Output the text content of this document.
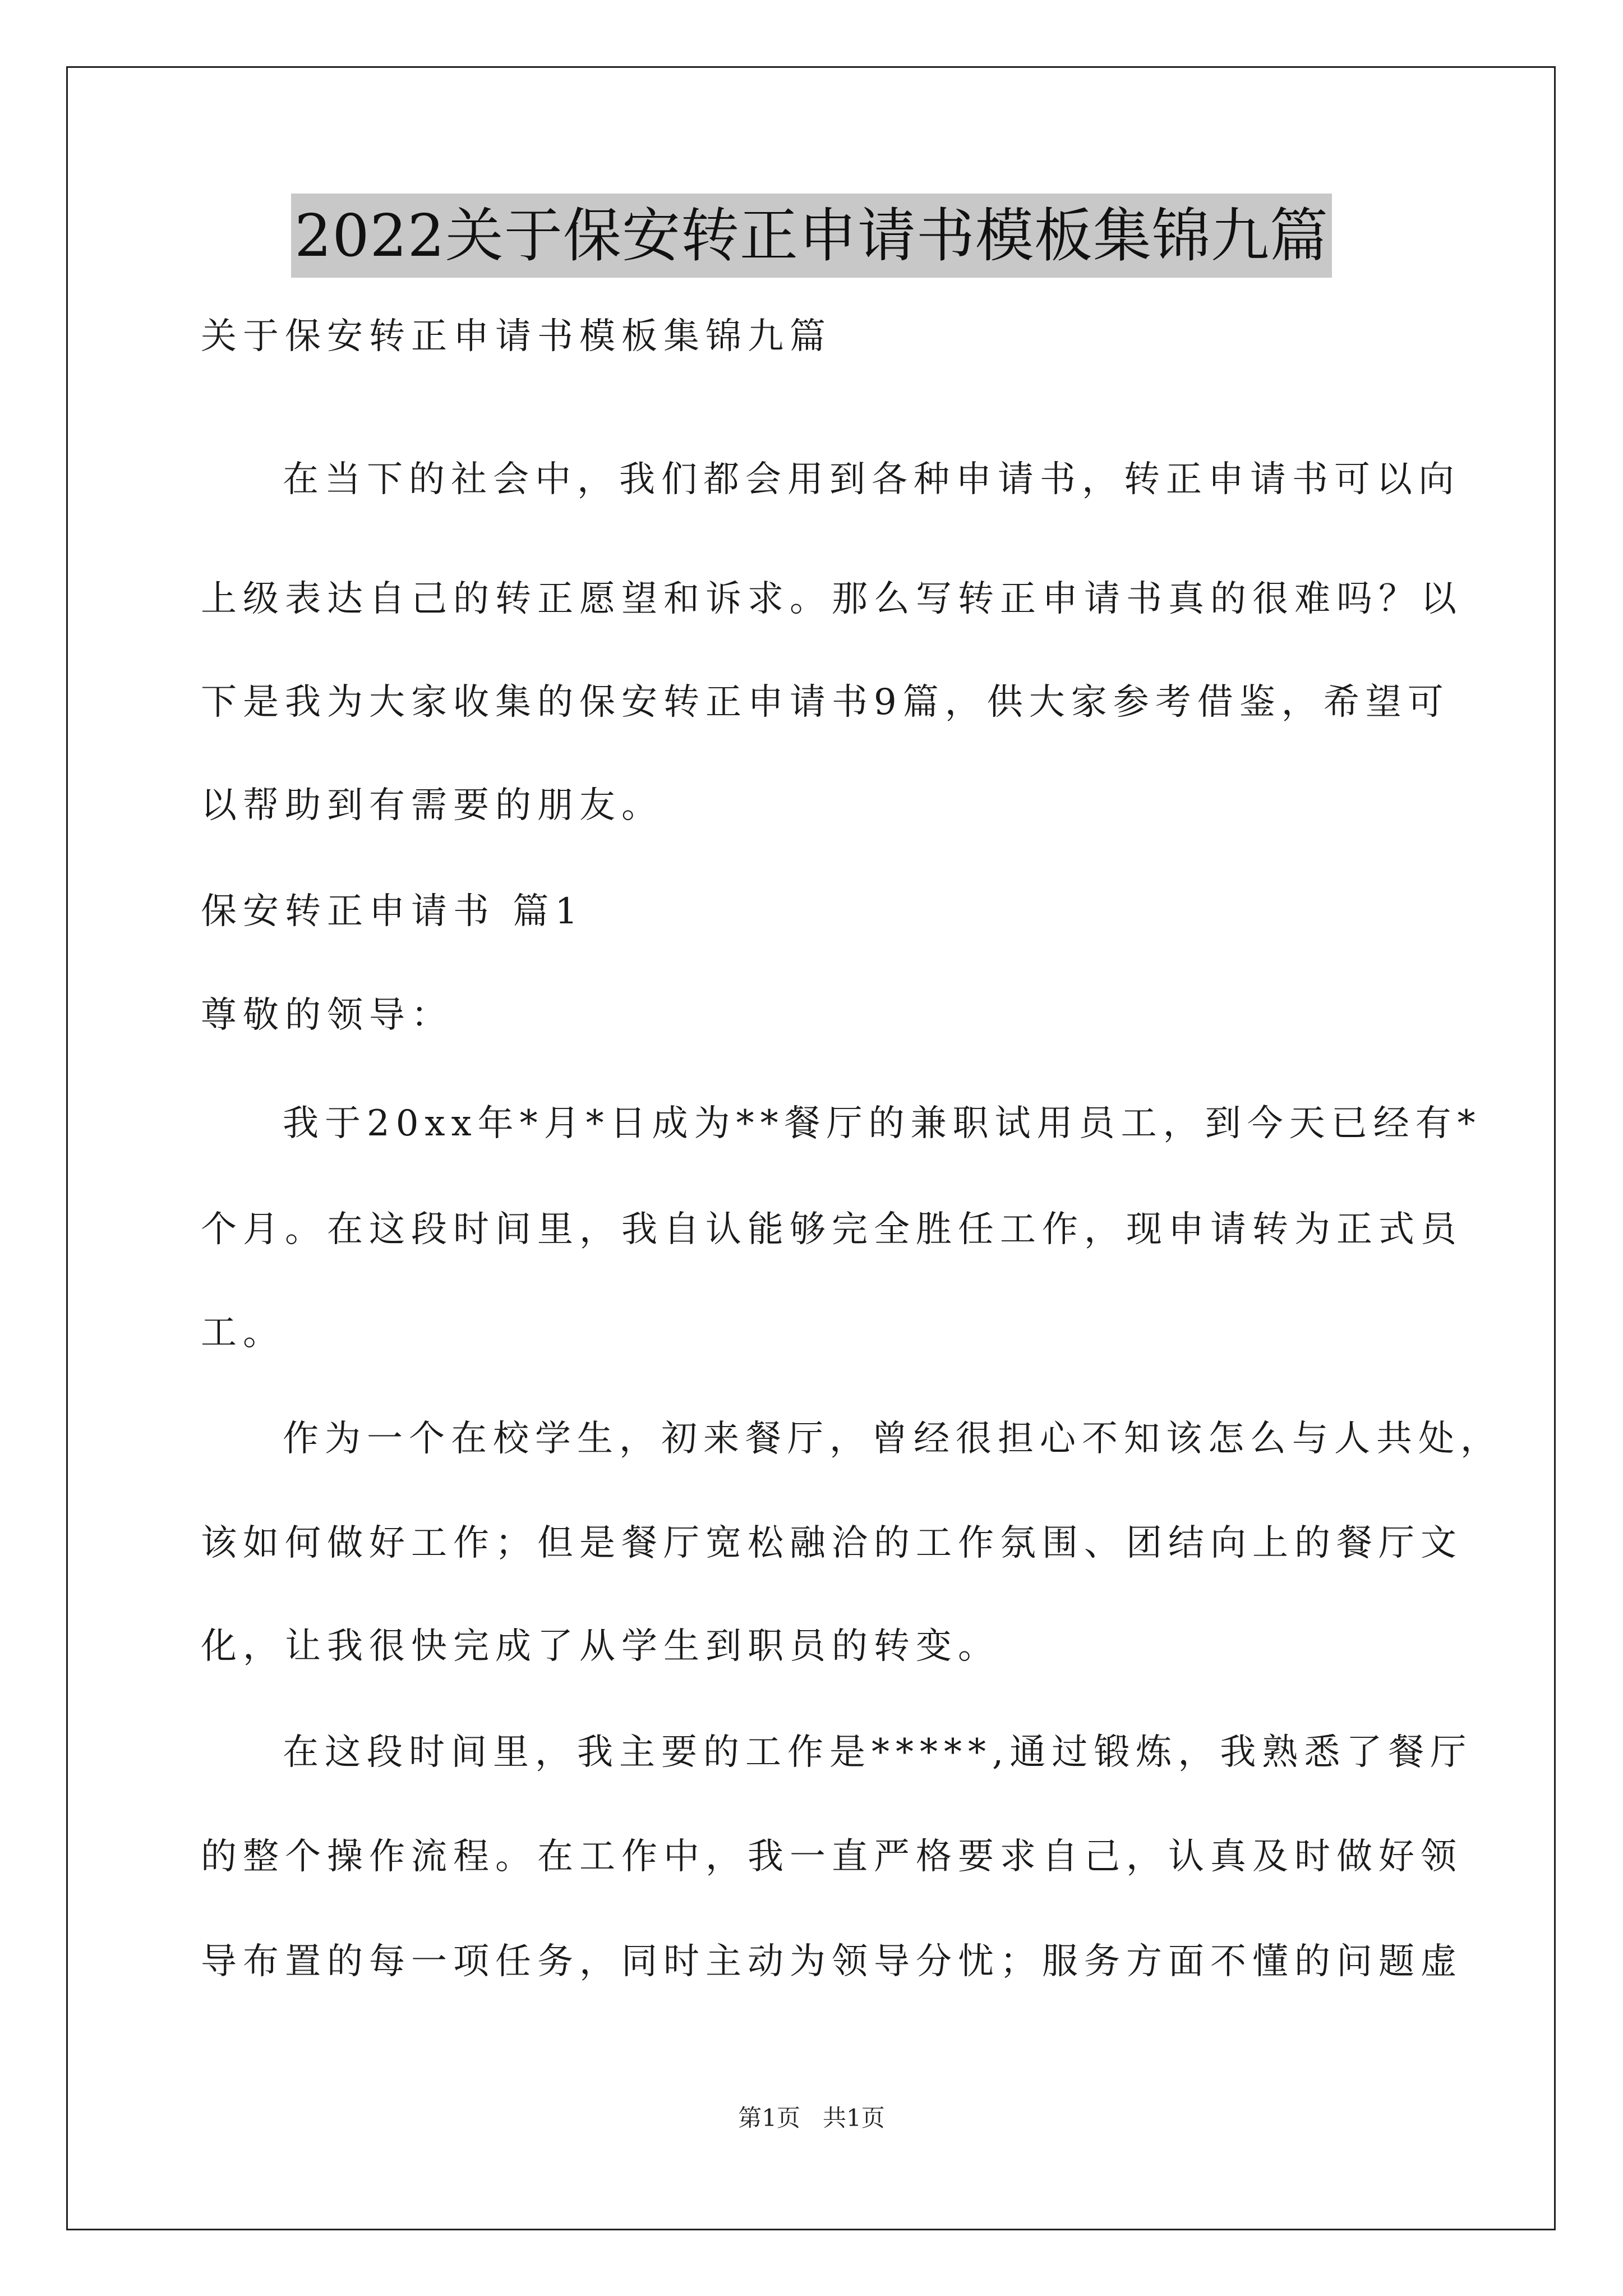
2022关于保安转正申请书模板集锦九篇
关于保安转正申请书模板集锦九篇
在当下的社会中，我们都会用到各种申请书，转正申请书可以向
上级表达自己的转正愿望和诉求。那么写转正申请书真的很难吗？以
下是我为大家收集的保安转正申请书9篇，供大家参考借鉴，希望可
以帮助到有需要的朋友。
保安转正申请书 篇1
尊敬的领导：
我于20xx年*月*日成为**餐厅的兼职试用员工，到今天已经有*
个月。在这段时间里，我自认能够完全胜任工作，现申请转为正式员
工。
作为一个在校学生，初来餐厅，曾经很担心不知该怎么与人共处，
该如何做好工作；但是餐厅宽松融洽的工作氛围、团结向上的餐厅文
化，让我很快完成了从学生到职员的转变。
在这段时间里，我主要的工作是*****,通过锻炼，我熟悉了餐厅
的整个操作流程。在工作中，我一直严格要求自己，认真及时做好领
导布置的每一项任务，同时主动为领导分忧；服务方面不懂的问题虚
第1页 共1页
